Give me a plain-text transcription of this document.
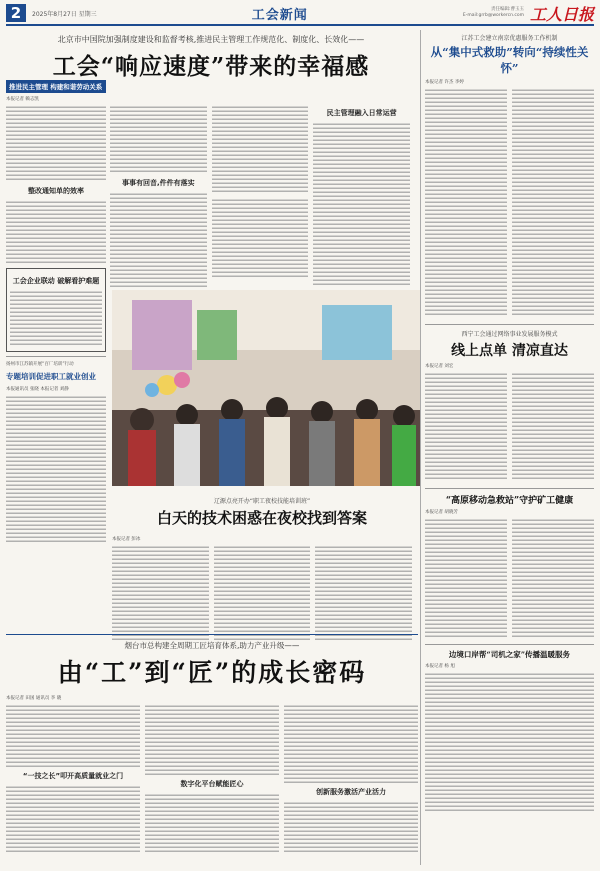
2	2025年8月27日 星期三	工会新闻	责任编辑:曹玉玉
E-mail:grrb@workercn.com 工人日报
北京市中国院加强制度建设和监督考核,推进民主管理工作规范化、制度化、长效化——
工会“响应速度”带来的幸福感
推进民主管理 构建和谐劳动关系
本报记者 赖志凯
整改通知单的效率
工会企业联动 破解看护难题
扬州市江苏镇开展“百厂培训”行动
专题培训促进职工就业创业
本报通讯员 张晓 本报记者 刘静
事事有回音,件件有落实
民主管理融入日常运营
辽源点亮开办“职工夜校技能培训班”
白天的技术困惑在夜校找到答案
本报记者 彭冰
烟台市总构建全周期工匠培育体系,助力产业升级——
由“工”到“匠”的成长密码
本报记者 田国 通讯员 李 晓
“一技之长”叩开高质量就业之门
数字化平台赋能匠心
创新服务激活产业活力
江苏工会建立南京优惠服务工作机制
从“集中式救助”转向“持续性关怀”
本报记者 许杰 李婷
西宁工会通过网络事业发展服务模式
线上点单 清凉直达
本报记者 刘宏
“高原移动急救站”守护矿工健康
本报记者 胡晓芳
边境口岸帮“司机之家”传播温暖服务
本报记者 杨 旭
